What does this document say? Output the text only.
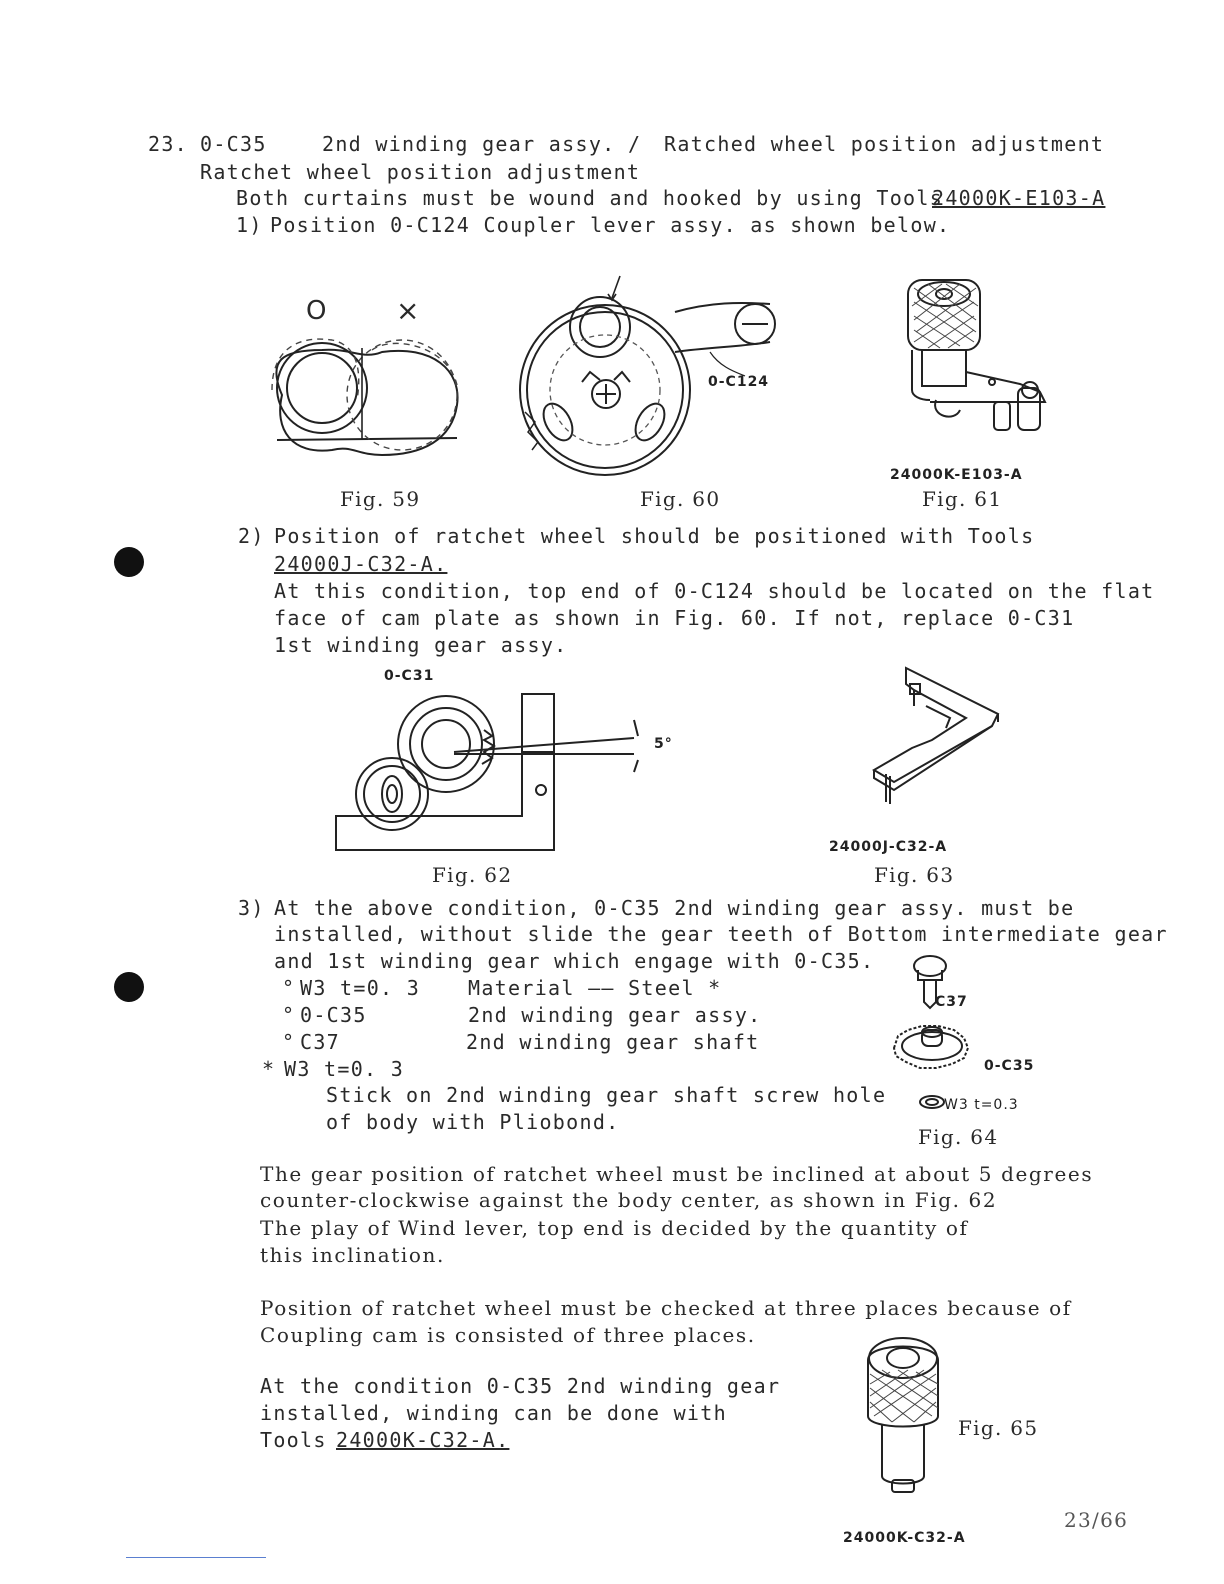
23. 0-C35	2nd winding gear assy. / Ratched wheel position adjustment
Ratchet wheel position adjustment
Both curtains must be wound and hooked by using Tools
24000K-E103-A
1) Position 0-C124 Coupler lever assy. as shown below.
O ×
Fig. 59
0-C124
Fig. 60
24000K-E103-A
Fig. 61
2) Position of ratchet wheel should be positioned with Tools
24000J-C32-A.
At this condition, top end of 0-C124 should be located on the flat
face of cam plate as shown in Fig. 60. If not, replace 0-C31
1st winding gear assy.
0-C31
5°
Fig. 62
24000J-C32-A
Fig. 63
3) At the above condition, 0-C35 2nd winding gear assy. must be
installed, without slide the gear teeth of Bottom intermediate gear
and 1st winding gear which engage with 0-C35.
° W3 t=0. 3 Material —— Steel *
° 0-C35	2nd winding gear assy.
° C37	2nd winding gear shaft
* W3 t=0. 3
Stick on 2nd winding gear shaft screw hole
of body with Pliobond.
C37
0-C35
W3 t=0.3
Fig. 64
The gear position of ratchet wheel must be inclined at about 5 degrees
counter-clockwise against the body center, as shown in Fig. 62
The play of Wind lever, top end is decided by the quantity of
this inclination.
Position of ratchet wheel must be checked at three places because of
Coupling cam is consisted of three places.
At the condition 0-C35 2nd winding gear
installed, winding can be done with
Tools 24000K-C32-A.	Fig. 65
24000K-C32-A
23/66
